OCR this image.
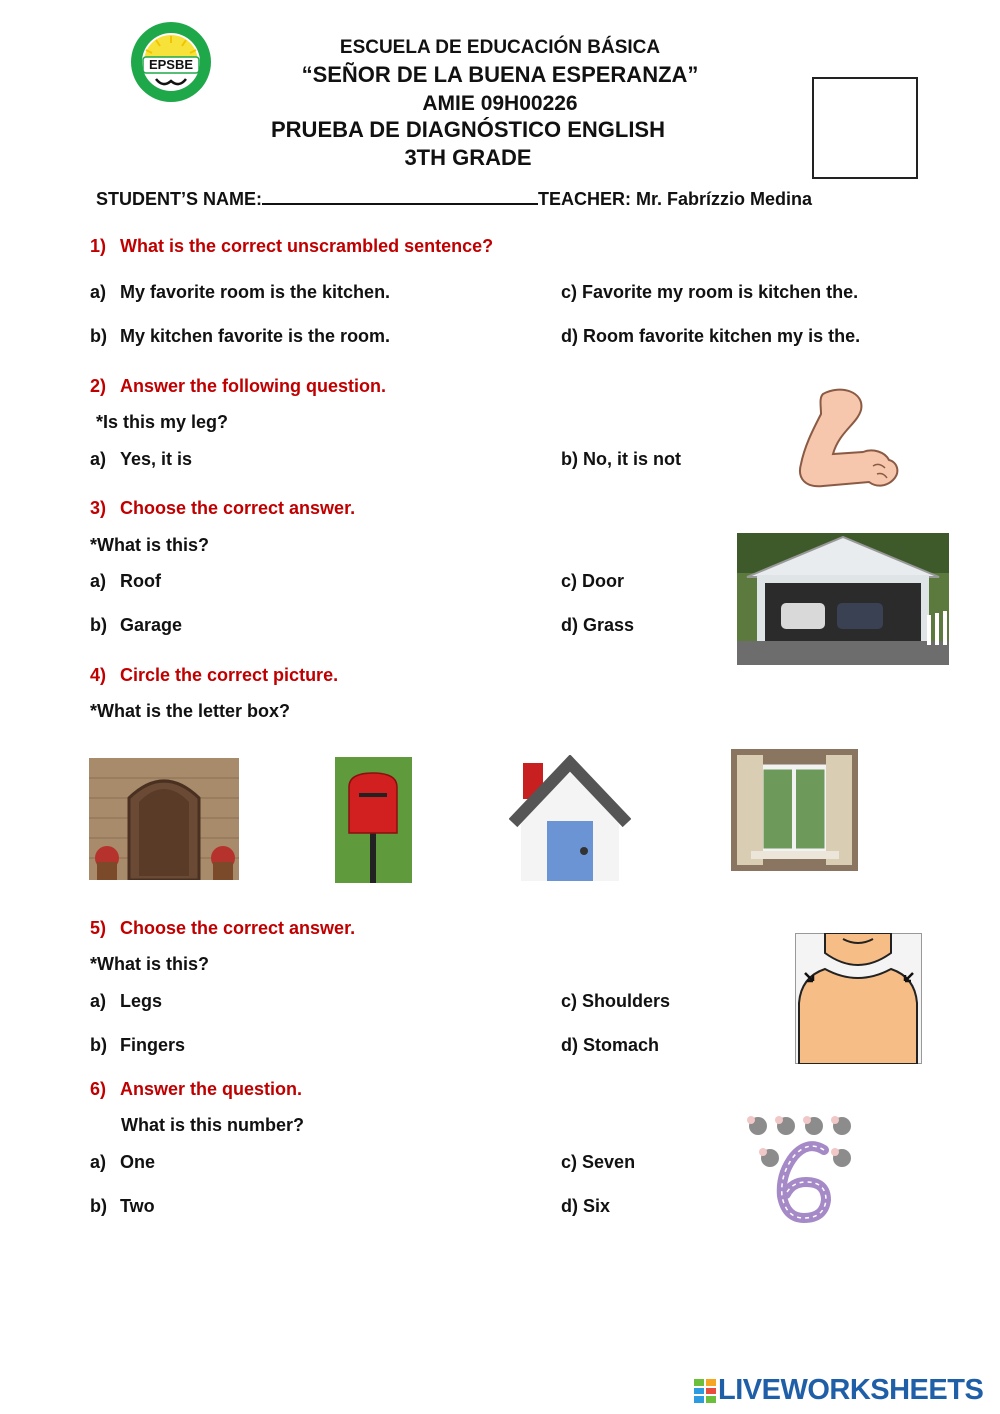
EPSBE
ESCUELA DE EDUCACIÓN BÁSICA
“SEÑOR DE LA BUENA ESPERANZA”
AMIE 09H00226
PRUEBA DE DIAGNÓSTICO ENGLISH
3TH GRADE
STUDENT’S NAME:	TEACHER: Mr. Fabrízzio Medina
1) What is the correct unscrambled sentence?
a) My favorite room is the kitchen.
b) My kitchen favorite is the room.
c) Favorite my room is kitchen the.
d) Room favorite kitchen my is the.
2) Answer the following question.
*Is this my leg?
a) Yes, it is	b) No, it is not
3) Choose the correct answer.
*What is this?
a) Roof
b) Garage
c) Door
d) Grass
4) Circle the correct picture.
*What is the letter box?
5) Choose the correct answer.
*What is this?
a) Legs
b) Fingers
c) Shoulders
d) Stomach
6) Answer the question.
What is this number?
a) One
b) Two
c) Seven
d) Six
LIVEWORKSHEETS
